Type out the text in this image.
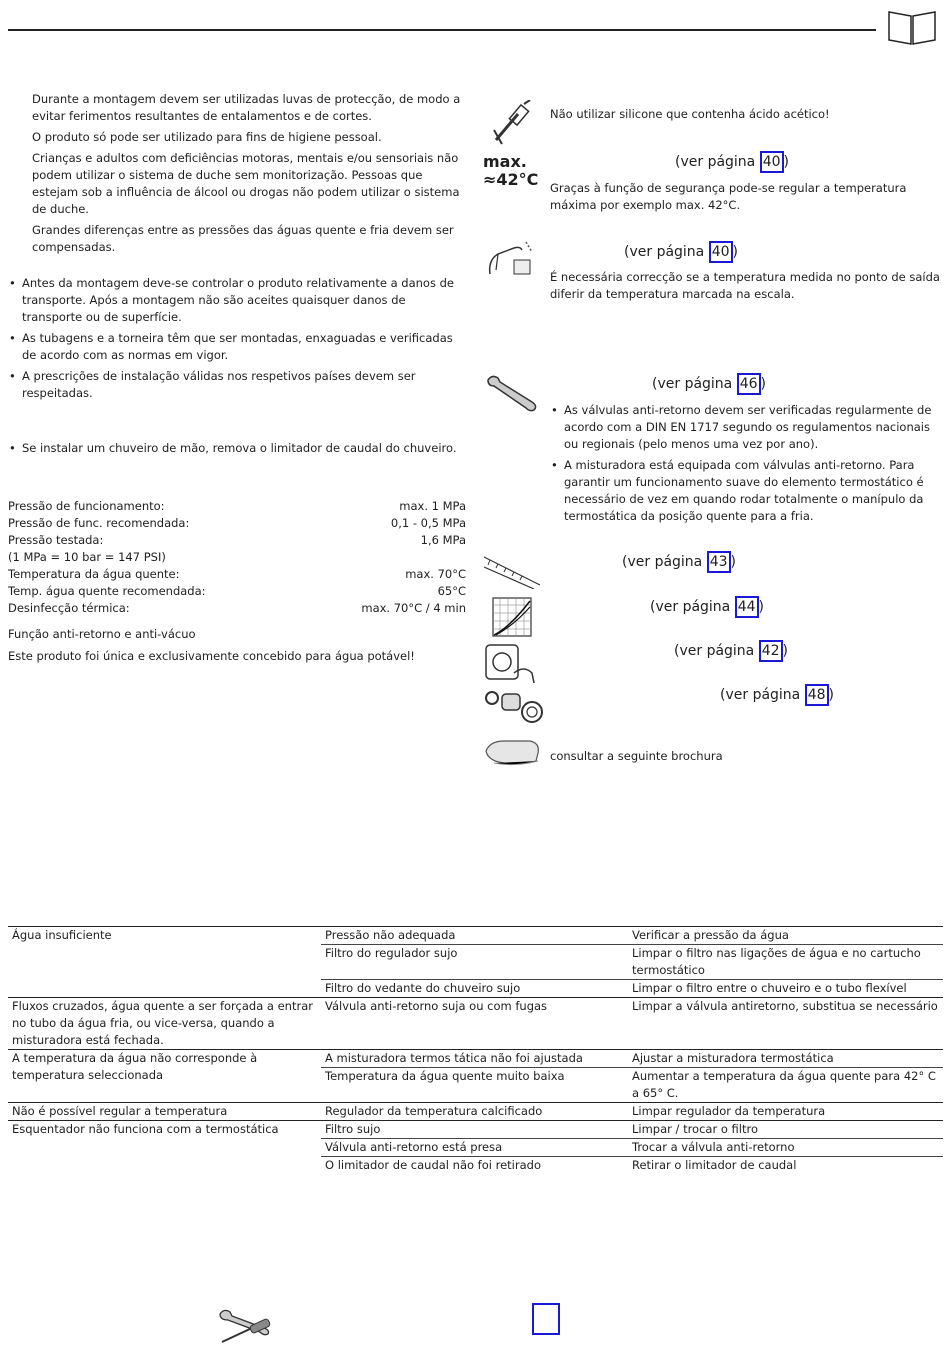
Durante a montagem devem ser utilizadas luvas de protecção, de modo a evitar ferimentos resultantes de entalamentos e de cortes.

O produto só pode ser utilizado para fins de higiene pessoal.

Crianças e adultos com deficiências motoras, mentais e/ou sensoriais não podem utilizar o sistema de duche sem monitorização. Pessoas que estejam sob a influência de álcool ou drogas não podem utilizar o sistema de duche.

Grandes diferenças entre as pressões das águas quente e fria devem ser compensadas.

• Antes da montagem deve-se controlar o produto relativamente a danos de transporte. Após a montagem não são aceites quaisquer danos de transporte ou de superfície.

• As tubagens e a torneira têm que ser montadas, enxaguadas e verificadas de acordo com as normas em vigor.

• A prescrições de instalação válidas nos respetivos países devem ser respeitadas.

• Se instalar um chuveiro de mão, remova o limitador de caudal do chuveiro.

Pressão de funcionamento:	max. 1 MPa
Pressão de func. recomendada:	0,1 - 0,5 MPa
Pressão testada:	1,6 MPa
(1 MPa = 10 bar = 147 PSI)
Temperatura da água quente:	max. 70°C
Temp. água quente recomendada:	65°C
Desinfecção térmica:	max. 70°C / 4 min
Função anti-retorno e anti-vácuo
Este produto foi única e exclusivamente concebido para água potável!
max.
≈42°C
Não utilizar silicone que contenha ácido acético!
(ver página 40 )
Graças à função de segurança pode-se regular a temperatura máxima por exemplo max. 42°C.
(ver página 40 )
É necessária correcção se a temperatura medida no ponto de saída diferir da temperatura marcada na escala.
(ver página 46 )

• As válvulas anti-retorno devem ser verificadas regularmente de acordo com a DIN EN 1717 segundo os regulamentos nacionais ou regionais (pelo menos uma vez por ano).

• A misturadora está equipada com válvulas anti-retorno. Para garantir um funcionamento suave do elemento termostático é necessário de vez em quando rodar totalmente o manípulo da termostática da posição quente para a fria.

(ver página 43 )
(ver página 44 )
(ver página 42 )
(ver página 48 )
consultar a seguinte brochura
Água insuficiente	Pressão não adequada	Verificar a pressão da água
	Filtro do regulador sujo	Limpar o filtro nas ligações de água e no cartucho termostático
	Filtro do vedante do chuveiro sujo	Limpar o filtro entre o chuveiro e o tubo flexível
Fluxos cruzados, água quente a ser forçada a entrar no tubo da água fria, ou vice-versa, quando a misturadora está fechada.	Válvula anti-retorno suja ou com fugas	Limpar a válvula antiretorno, substitua se necessário
A temperatura da água não corresponde à temperatura seleccionada	A misturadora termos tática não foi ajustada	Ajustar a misturadora termostática
	Temperatura da água quente muito baixa	Aumentar a temperatura da água quente para 42° C a 65° C.
Não é possível regular a temperatura	Regulador da temperatura calcificado	Limpar regulador da temperatura
Esquentador não funciona com a termostática	Filtro sujo	Limpar / trocar o filtro
	Válvula anti-retorno está presa	Trocar a válvula anti-retorno
	O limitador de caudal não foi retirado	Retirar o limitador de caudal
